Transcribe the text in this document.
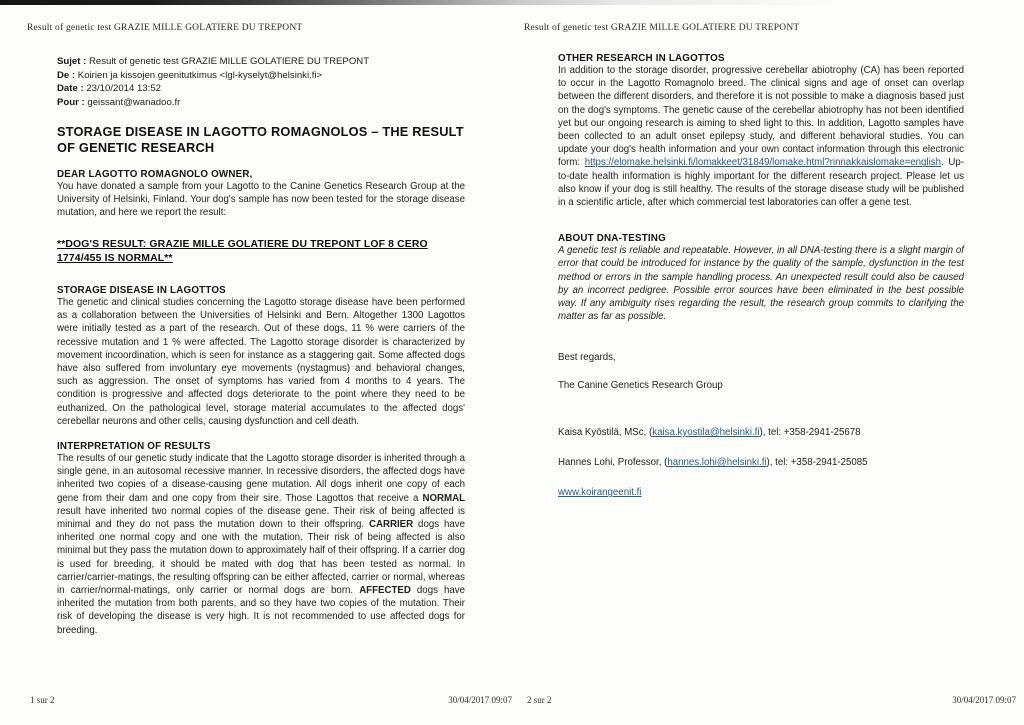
Result of genetic test GRAZIE MILLE GOLATIERE DU TREPONT
Sujet : Result of genetic test GRAZIE MILLE GOLATIERE DU TREPONT
De : Koirien ja kissojen geenitutkimus <lgl-kyselyt@helsinki.fi>
Date : 23/10/2014 13:52
Pour : geissant@wanadoo.fr
STORAGE DISEASE IN LAGOTTO ROMAGNOLOS – THE RESULT OF GENETIC RESEARCH
DEAR LAGOTTO ROMAGNOLO OWNER,

You have donated a sample from your Lagotto to the Canine Genetics Research Group at the University of Helsinki, Finland. Your dog's sample has now been tested for the storage disease mutation, and here we report the result:

**DOG'S RESULT: GRAZIE MILLE GOLATIERE DU TREPONT LOF 8 CERO 1774/455 IS NORMAL**
STORAGE DISEASE IN LAGOTTOS

The genetic and clinical studies concerning the Lagotto storage disease have been performed as a collaboration between the Universities of Helsinki and Bern. Altogether 1300 Lagottos were initially tested as a part of the research. Out of these dogs, 11 % were carriers of the recessive mutation and 1 % were affected. The Lagotto storage disorder is characterized by movement incoordination, which is seen for instance as a staggering gait. Some affected dogs have also suffered from involuntary eye movements (nystagmus) and behavioral changes, such as aggression. The onset of symptoms has varied from 4 months to 4 years. The condition is progressive and affected dogs deteriorate to the point where they need to be euthanized. On the pathological level, storage material accumulates to the affected dogs' cerebellar neurons and other cells, causing dysfunction and cell death.

INTERPRETATION OF RESULTS

The results of our genetic study indicate that the Lagotto storage disorder is inherited through a single gene, in an autosomal recessive manner. In recessive disorders, the affected dogs have inherited two copies of a disease-causing gene mutation. All dogs inherit one copy of each gene from their dam and one copy from their sire. Those Lagottos that receive a NORMAL result have inherited two normal copies of the disease gene. Their risk of being affected is minimal and they do not pass the mutation down to their offspring. CARRIER dogs have inherited one normal copy and one with the mutation. Their risk of being affected is also minimal but they pass the mutation down to approximately half of their offspring. If a carrier dog is used for breeding, it should be mated with dog that has been tested as normal. In carrier/carrier-matings, the resulting offspring can be either affected, carrier or normal, whereas in carrier/normal-matings, only carrier or normal dogs are born. AFFECTED dogs have inherited the mutation from both parents, and so they have two copies of the mutation. Their risk of developing the disease is very high. It is not recommended to use affected dogs for breeding.

1 sur 2	30/04/2017 09:07
Result of genetic test GRAZIE MILLE GOLATIERE DU TREPONT
OTHER RESEARCH IN LAGOTTOS

In addition to the storage disorder, progressive cerebellar abiotrophy (CA) has been reported to occur in the Lagotto Romagnolo breed. The clinical signs and age of onset can overlap between the different disorders, and therefore it is not possible to make a diagnosis based just on the dog's symptoms. The genetic cause of the cerebellar abiotrophy has not been identified yet but our ongoing research is aiming to shed light to this. In addition, Lagotto samples have been collected to an adult onset epilepsy study, and different behavioral studies. You can update your dog's health information and your own contact information through this electronic form: https://elomake.helsinki.fi/lomakkeet/31849/lomake.html?rinnakkaislomake=english. Up-to-date health information is highly important for the different research project. Please let us also know if your dog is still healthy. The results of the storage disease study will be published in a scientific article, after which commercial test laboratories can offer a gene test.

ABOUT DNA-TESTING

A genetic test is reliable and repeatable. However, in all DNA-testing there is a slight margin of error that could be introduced for instance by the quality of the sample, dysfunction in the test method or errors in the sample handling process. An unexpected result could also be caused by an incorrect pedigree. Possible error sources have been eliminated in the best possible way. If any ambiguity rises regarding the result, the research group commits to clarifying the matter as far as possible.

Best regards,

The Canine Genetics Research Group

Kaisa Kyöstilä, MSc, (kaisa.kyostila@helsinki.fi), tel: +358-2941-25678

Hannes Lohi, Professor, (hannes.lohi@helsinki.fi), tel: +358-2941-25085

www.koirangeenit.fi

2 sur 2	30/04/2017 09:07
